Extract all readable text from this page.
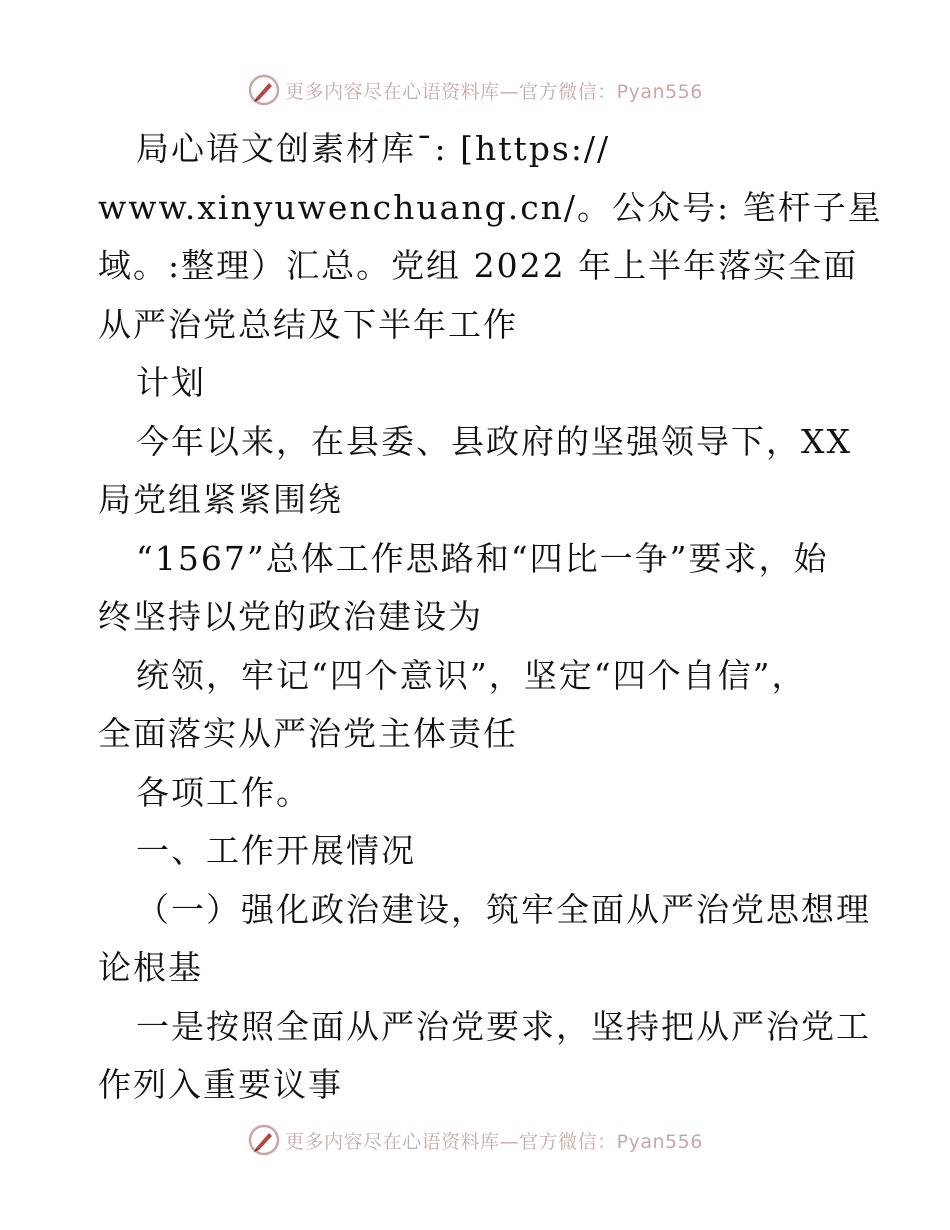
更多内容尽在心语资料库—官方微信：Pyan556
局心语文创素材库¯: [https://
www.xinyuwenchuang.cn/。公众号: 笔杆子星
域。:整理）汇总。党组 2022 年上半年落实全面
从严治党总结及下半年工作
计划
今年以来，在县委、县政府的坚强领导下，XX
局党组紧紧围绕
“1567”总体工作思路和“四比一争”要求，始
终坚持以党的政治建设为
统领，牢记“四个意识”，坚定“四个自信”，
全面落实从严治党主体责任
各项工作。
一、工作开展情况
（一）强化政治建设，筑牢全面从严治党思想理
论根基
一是按照全面从严治党要求，坚持把从严治党工
作列入重要议事
更多内容尽在心语资料库—官方微信：Pyan556
